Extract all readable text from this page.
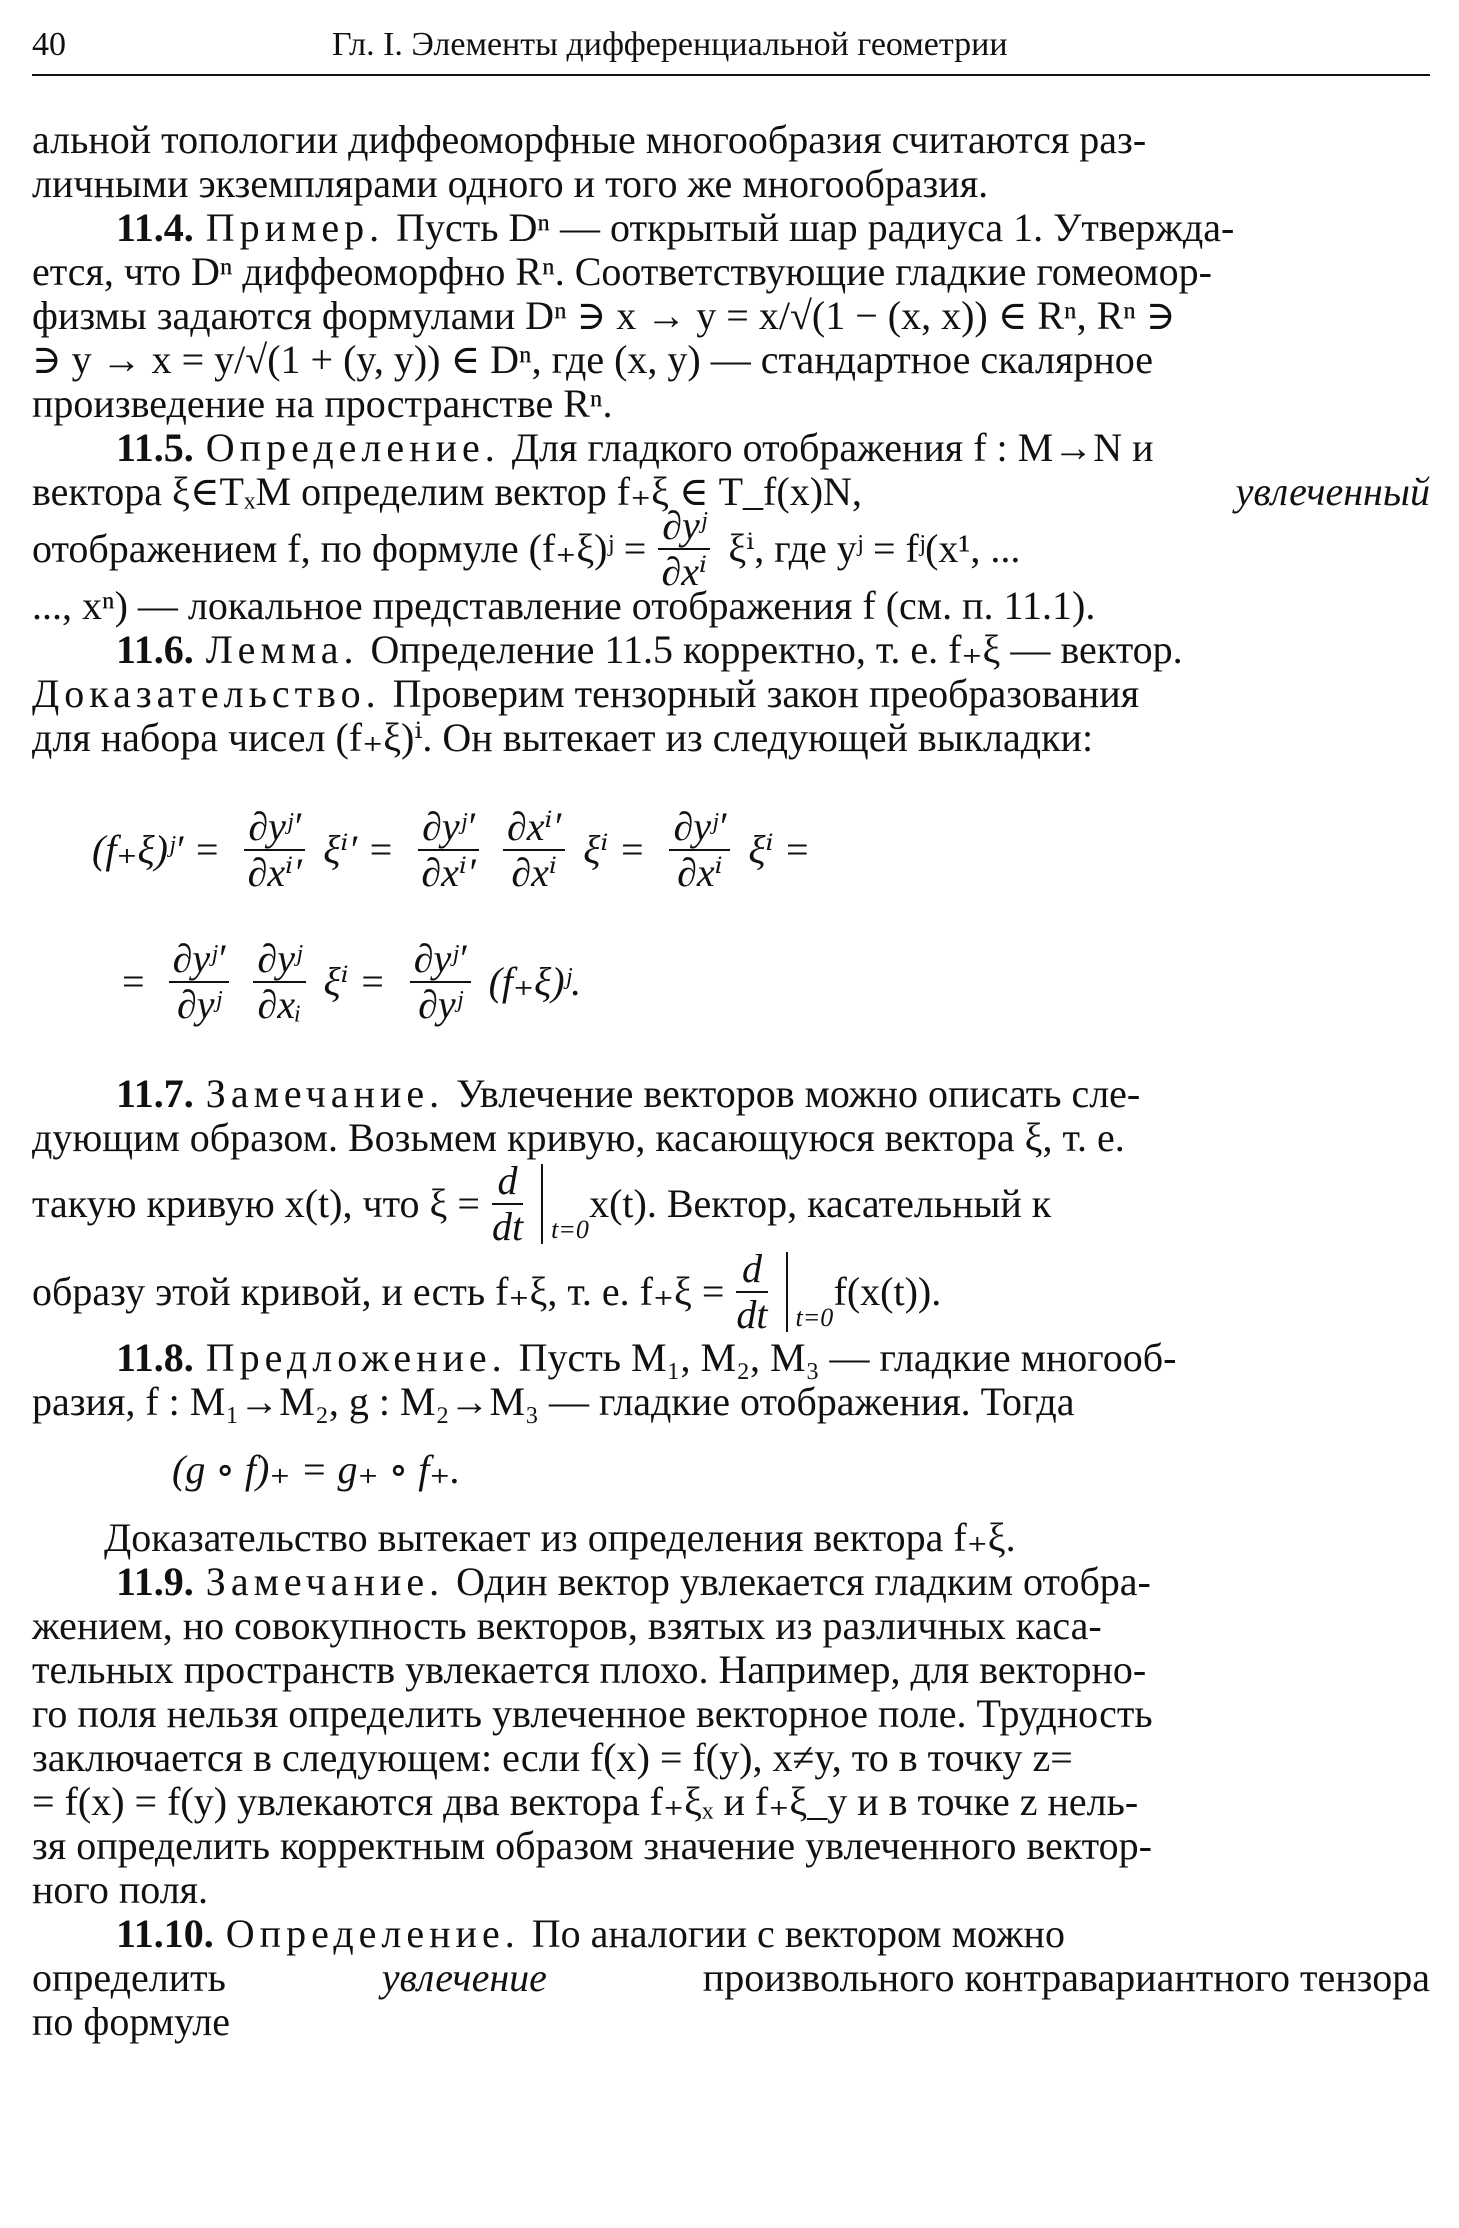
40	Гл. I. Элементы дифференциальной геометрии
альной топологии диффеоморфные многообразия считаются раз-
личными экземплярами одного и того же многообразия.
11.4. Пример. Пусть Dⁿ — открытый шар радиуса 1. Утвержда-
ется, что Dⁿ диффеоморфно Rⁿ. Соответствующие гладкие гомеомор-
физмы задаются формулами Dⁿ ∋ x → y = x/√(1 − (x, x)) ∈ Rⁿ, Rⁿ ∋
∋ y → x = y/√(1 + (y, y)) ∈ Dⁿ, где (x, y) — стандартное скалярное
произведение на пространстве Rⁿ.
11.5. Определение. Для гладкого отображения f : M→N и
вектора ξ∈TₓM определим вектор f₊ξ ∈ T_f(x)N,	увлеченный
отображением f, по формуле (f₊ξ)ʲ = $\frac{\text{∂yʲ}}{\text{∂xⁱ}} \xi^i$, где yʲ = fʲ(x¹, ...
..., xⁿ) — локальное представление отображения f (см. п. 11.1).
11.6. Лемма. Определение 11.5 корректно, т. е. f₊ξ — вектор.
Доказательство. Проверим тензорный закон преобразования
для набора чисел (f₊ξ)ⁱ. Он вытекает из следующей выкладки:
(f₊ξ)ʲ′ = $\frac{\text{∂yʲ′}}{\text{∂xⁱ′}} \xi^i' = \frac{\text{∂yʲ′}}{\text{∂xⁱ′}} \frac{\text{∂xⁱ′}}{\text{∂xⁱ}}$ $\xi^i = \frac{\text{∂yʲ′}}{\text{∂xⁱ}}$ ξⁱ =
= $\frac{\text{∂yʲ′}}{\text{∂yʲ}} \frac{\text{∂yʲ}}{\text{∂xᵢ}}$ $\xi^i = \frac{\text{∂yʲ′}}{\text{∂yʲ}}$ (f₊ξ)ʲ.
11.7. Замечание. Увлечение векторов можно описать сле-
дующим образом. Возьмем кривую, касающуюся вектора ξ, т. е.
такую кривую x(t), что $\xi = \frac{d}{dt} t=0$
x(t). Вектор, касательный к
образу этой кривой, и есть f₊ξ, т. е. $f_+\xi = \frac{d}{dt} t=0$
f(x(t)).
11.8. Предложение. Пусть M₁, M₂, M₃ — гладкие многооб-
разия, f : M₁→M₂, g : M₂→M₃ — гладкие отображения. Тогда
(g ∘ f)₊ = g₊ ∘ f₊.
Доказательство вытекает из определения вектора f₊ξ.
11.9. Замечание. Один вектор увлекается гладким отобра-
жением, но совокупность векторов, взятых из различных каса-
тельных пространств увлекается плохо. Например, для векторно-
го поля нельзя определить увлеченное векторное поле. Трудность
заключается в следующем: если f(x) = f(y), x≠y, то в точку z=
= f(x) = f(y) увлекаются два вектора f₊ξₓ и f₊ξ_y и в точке z нель-
зя определить корректным образом значение увлеченного вектор-
ного поля.
11.10. Определение. По аналогии с вектором можно
определить	увлечение	произвольного контравариантного тензора
по формуле
